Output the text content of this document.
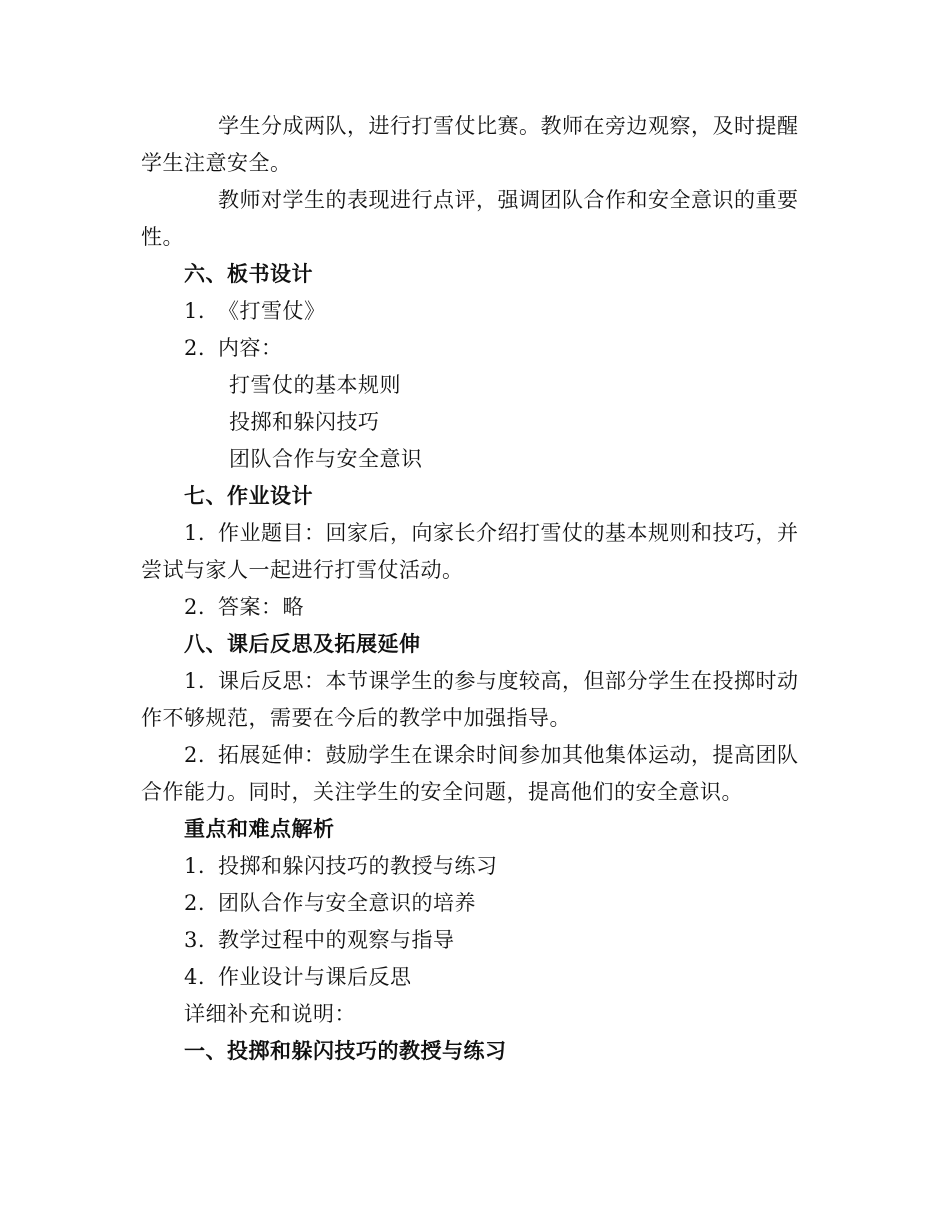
学生分成两队，进行打雪仗比赛。教师在旁边观察，及时提醒
学生注意安全。
教师对学生的表现进行点评，强调团队合作和安全意识的重要
性。
六、板书设计
1. 《打雪仗》
2. 内容：
打雪仗的基本规则
投掷和躲闪技巧
团队合作与安全意识
七、作业设计
1. 作业题目：回家后，向家长介绍打雪仗的基本规则和技巧，并
尝试与家人一起进行打雪仗活动。
2. 答案：略
八、课后反思及拓展延伸
1. 课后反思：本节课学生的参与度较高，但部分学生在投掷时动
作不够规范，需要在今后的教学中加强指导。
2. 拓展延伸：鼓励学生在课余时间参加其他集体运动，提高团队
合作能力。同时，关注学生的安全问题，提高他们的安全意识。
重点和难点解析
1. 投掷和躲闪技巧的教授与练习
2. 团队合作与安全意识的培养
3. 教学过程中的观察与指导
4. 作业设计与课后反思
详细补充和说明：
一、投掷和躲闪技巧的教授与练习
